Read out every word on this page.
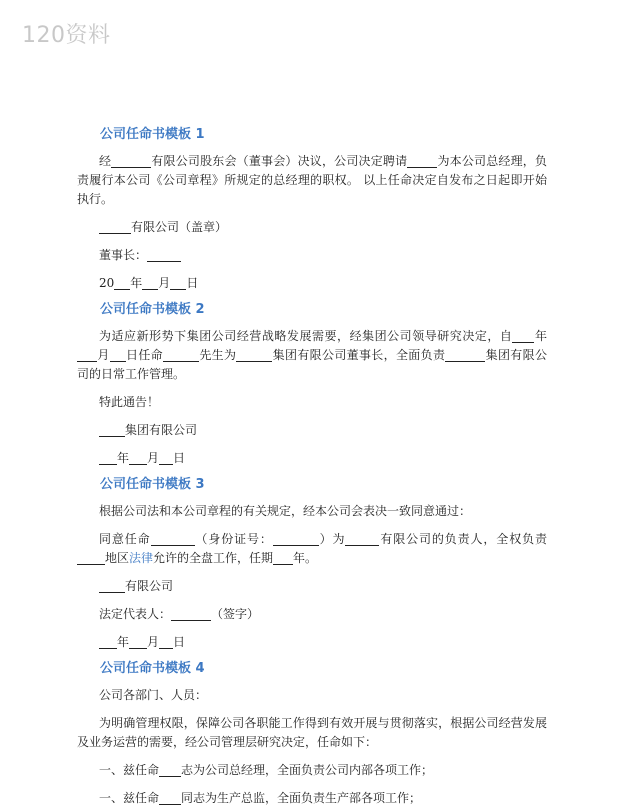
120资料
公司任命书模板 1

经	有限公司股东会（董事会）决议，公司决定聘请	为本公司总经理，负责履行本公司《公司章程》所规定的总经理的职权。 以上任命决定自发布之日起即开始执行。

有限公司（盖章）

董事长：

20 年 月 日

公司任命书模板 2

为适应新形势下集团公司经营战略发展需要，经集团公司领导研究决定，自 年月 日任命	先生为	集团有限公司董事长，全面负责	集团有限公司的日常工作管理。

特此通告！

集团有限公司

年 月 日

公司任命书模板 3

根据公司法和本公司章程的有关规定，经本公司会表决一致同意通过：

同意任命	（身份证号：	）为	有限公司的负责人，全权负责地区法律允许的全盘工作，任期 年。

有限公司

法定代表人：	（签字）

年 月 日

公司任命书模板 4

公司各部门、人员：

为明确管理权限，保障公司各职能工作得到有效开展与贯彻落实，根据公司经营发展及业务运营的需要，经公司管理层研究决定，任命如下：

一、兹任命 志为公司总经理，全面负责公司内部各项工作；

一、兹任命 同志为生产总监，全面负责生产部各项工作；
